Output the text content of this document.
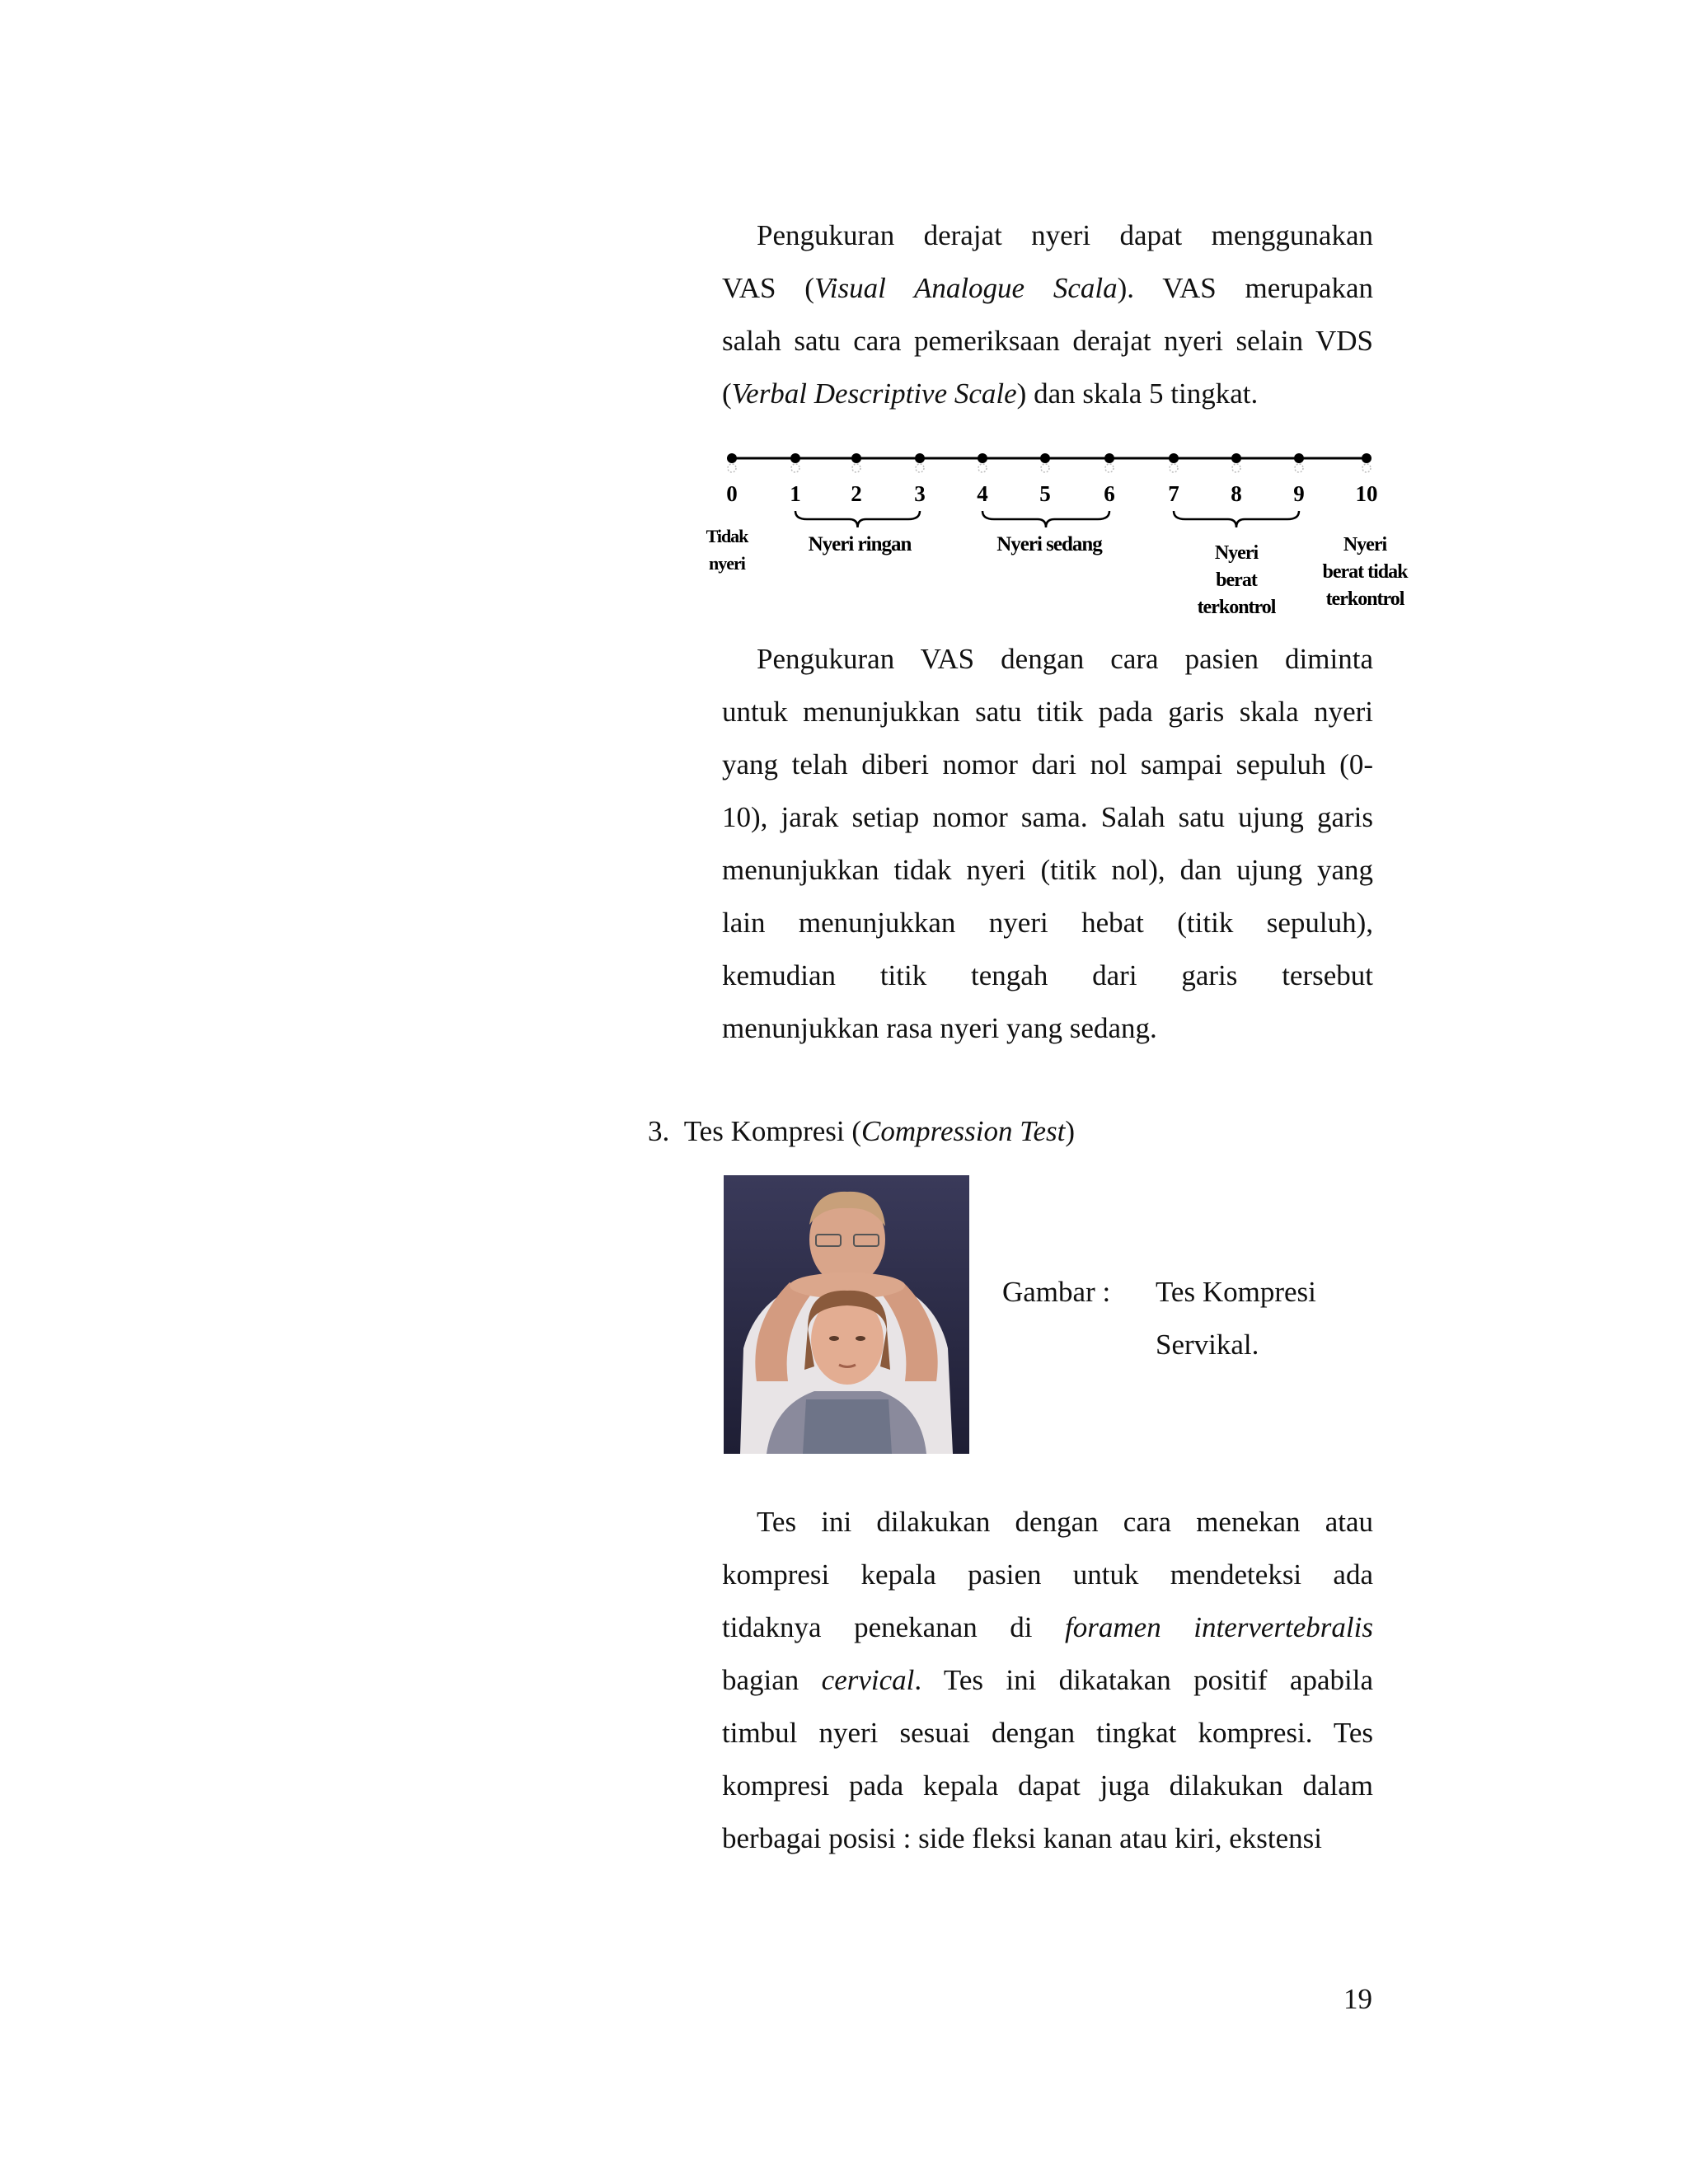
Pengukuran derajat nyeri dapat menggunakan
VAS (Visual Analogue Scala). VAS merupakan
salah satu cara pemeriksaan derajat nyeri selain VDS
(Verbal Descriptive Scale) dan skala 5 tingkat.
0 1 2 3 4 5 6 7 8 9 10
Tidak
nyeri
Nyeri ringan	Nyeri sedang	Nyeri
berat
terkontrol
Nyeri
berat tidak
terkontrol
Pengukuran VAS dengan cara pasien diminta
untuk menunjukkan satu titik pada garis skala nyeri
yang telah diberi nomor dari nol sampai sepuluh (0-
10), jarak setiap nomor sama. Salah satu ujung garis
menunjukkan tidak nyeri (titik nol), dan ujung yang
lain menunjukkan nyeri hebat (titik sepuluh),
kemudian titik tengah dari garis tersebut
menunjukkan rasa nyeri yang sedang.

3. Tes Kompresi (Compression Test)

Gambar : Tes Kompresi

Servikal.

Tes ini dilakukan dengan cara menekan atau
kompresi kepala pasien untuk mendeteksi ada
tidaknya penekanan di foramen intervertebralis
bagian cervical. Tes ini dikatakan positif apabila
timbul nyeri sesuai dengan tingkat kompresi. Tes
kompresi pada kepala dapat juga dilakukan dalam
berbagai posisi : side fleksi kanan atau kiri, ekstensi

19
